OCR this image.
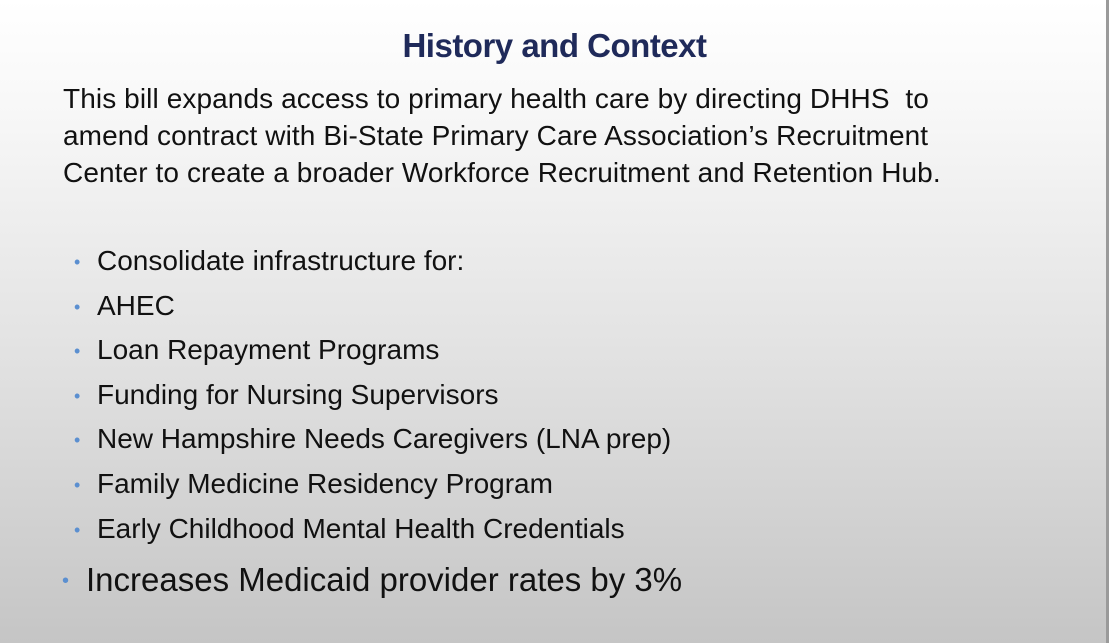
History and Context
This bill expands access to primary health care by directing DHHS  to
amend contract with Bi-State Primary Care Association’s Recruitment
Center to create a broader Workforce Recruitment and Retention Hub.
• Consolidate infrastructure for:
• AHEC
• Loan Repayment Programs
• Funding for Nursing Supervisors
• New Hampshire Needs Caregivers (LNA prep)
• Family Medicine Residency Program
• Early Childhood Mental Health Credentials
• Increases Medicaid provider rates by 3%
